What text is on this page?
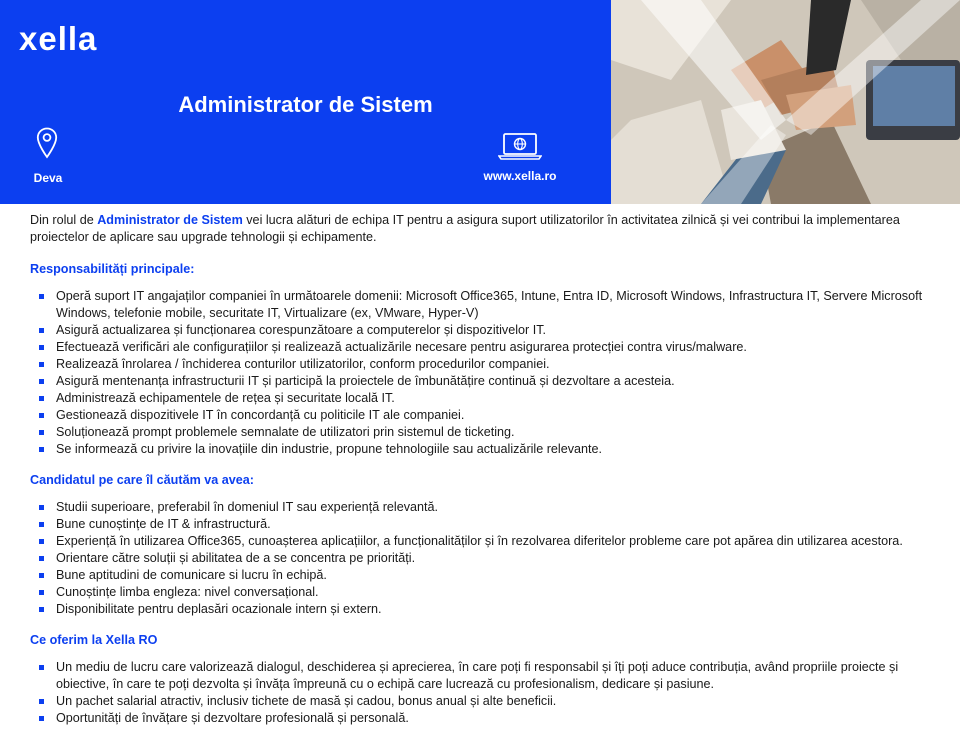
xella
Administrator de Sistem
Deva	www.xella.ro

Din rolul de Administrator de Sistem vei lucra alături de echipa IT pentru a asigura suport utilizatorilor în activitatea zilnică și vei contribui la implementarea proiectelor de aplicare sau upgrade tehnologii și echipamente.

Responsabilități principale:
Operă suport IT angajaților companiei în următoarele domenii: Microsoft Office365, Intune, Entra ID, Microsoft Windows, Infrastructura IT, Servere Microsoft Windows, telefonie mobile, securitate IT, Virtualizare (ex, VMware, Hyper-V)
Asigură actualizarea și funcționarea corespunzătoare a computerelor și dispozitivelor IT.
Efectuează verificări ale configurațiilor și realizează actualizările necesare pentru asigurarea protecției contra virus/malware.
Realizează înrolarea / închiderea conturilor utilizatorilor, conform procedurilor companiei.
Asigură mentenanța infrastructurii IT și participă la proiectele de îmbunătățire continuă și dezvoltare a acesteia.
Administrează echipamentele de rețea și securitate locală IT.
Gestionează dispozitivele IT în concordanță cu politicile IT ale companiei.
Soluționează prompt problemele semnalate de utilizatori prin sistemul de ticketing.
Se informează cu privire la inovațiile din industrie, propune tehnologiile sau actualizările relevante.
Candidatul pe care îl căutăm va avea:
Studii superioare, preferabil în domeniul IT sau experiență relevantă.
Bune cunoștințe de IT & infrastructură.
Experiență în utilizarea Office365, cunoașterea aplicațiilor, a funcționalităților și în rezolvarea diferitelor probleme care pot apărea din utilizarea acestora.
Orientare către soluții și abilitatea de a se concentra pe priorități.
Bune aptitudini de comunicare si lucru în echipă.
Cunoștințe limba engleza: nivel conversațional.
Disponibilitate pentru deplasări ocazionale intern și extern.
Ce oferim la Xella RO
Un mediu de lucru care valorizează dialogul, deschiderea și aprecierea, în care poți fi responsabil și îți poți aduce contribuția, având propriile proiecte și obiective, în care te poți dezvolta și învăța împreună cu o echipă care lucrează cu profesionalism, dedicare și pasiune.
Un pachet salarial atractiv, inclusiv tichete de masă și cadou, bonus anual și alte beneficii.
Oportunități de învățare și dezvoltare profesională și personală.
